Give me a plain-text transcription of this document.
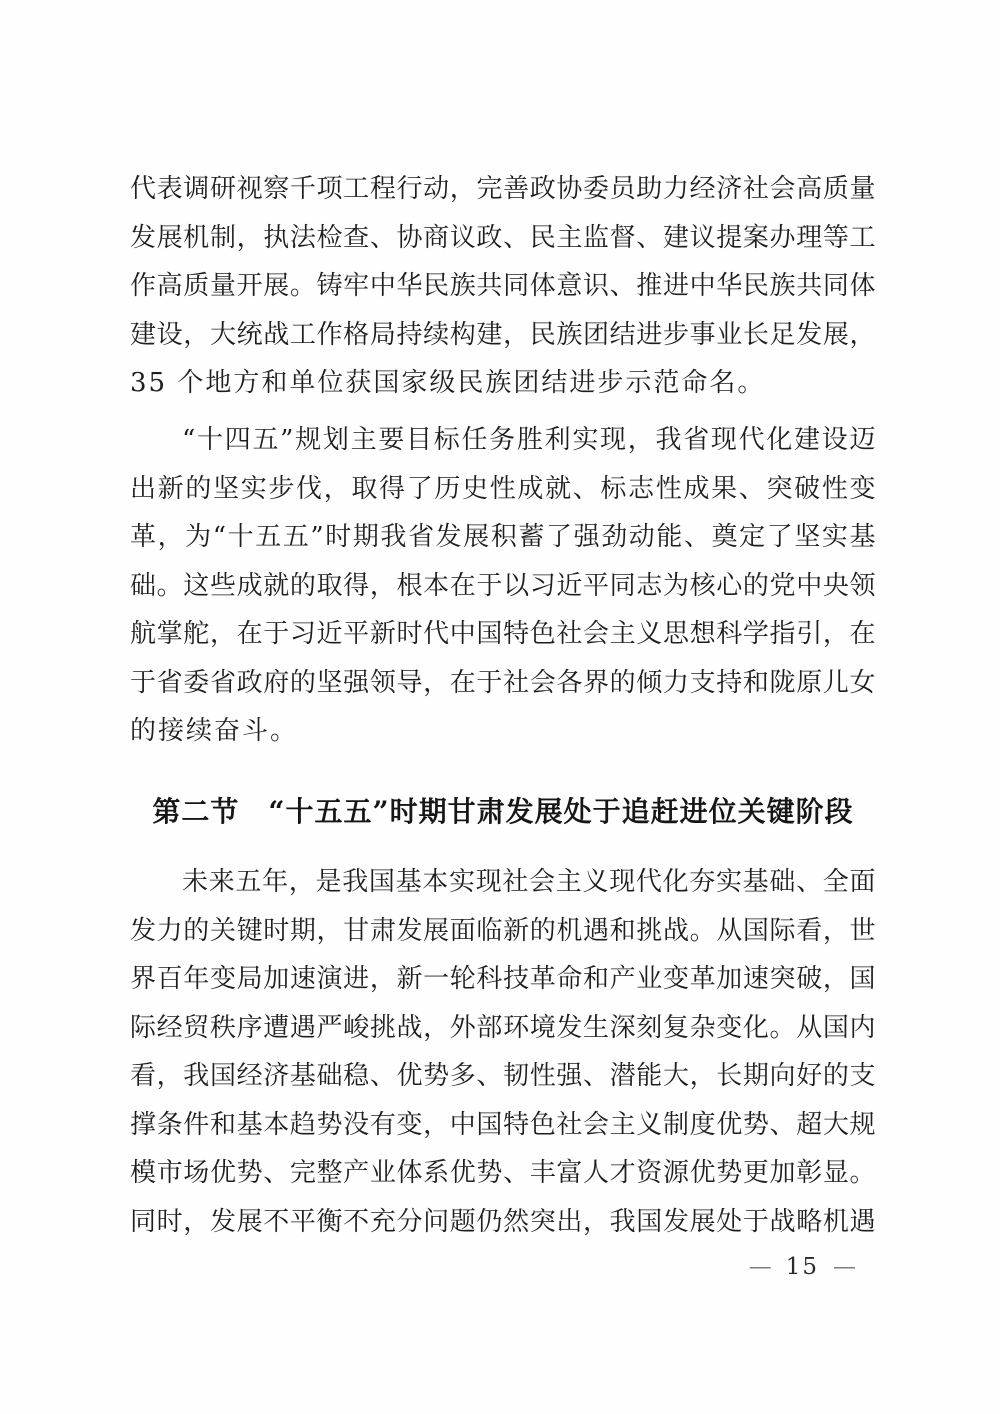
代表调研视察千项工程行动，完善政协委员助力经济社会高质量
发展机制，执法检查、协商议政、民主监督、建议提案办理等工
作高质量开展。铸牢中华民族共同体意识、推进中华民族共同体
建设，大统战工作格局持续构建，民族团结进步事业长足发展，
35 个地方和单位获国家级民族团结进步示范命名。
“十四五”规划主要目标任务胜利实现，我省现代化建设迈
出新的坚实步伐，取得了历史性成就、标志性成果、突破性变
革，为“十五五”时期我省发展积蓄了强劲动能、奠定了坚实基
础。这些成就的取得，根本在于以习近平同志为核心的党中央领
航掌舵，在于习近平新时代中国特色社会主义思想科学指引，在
于省委省政府的坚强领导，在于社会各界的倾力支持和陇原儿女
的接续奋斗。
第二节　“十五五”时期甘肃发展处于追赶进位关键阶段
未来五年，是我国基本实现社会主义现代化夯实基础、全面
发力的关键时期，甘肃发展面临新的机遇和挑战。从国际看，世
界百年变局加速演进，新一轮科技革命和产业变革加速突破，国
际经贸秩序遭遇严峻挑战，外部环境发生深刻复杂变化。从国内
看，我国经济基础稳、优势多、韧性强、潜能大，长期向好的支
撑条件和基本趋势没有变，中国特色社会主义制度优势、超大规
模市场优势、完整产业体系优势、丰富人才资源优势更加彰显。
同时，发展不平衡不充分问题仍然突出，我国发展处于战略机遇
— 15 —
